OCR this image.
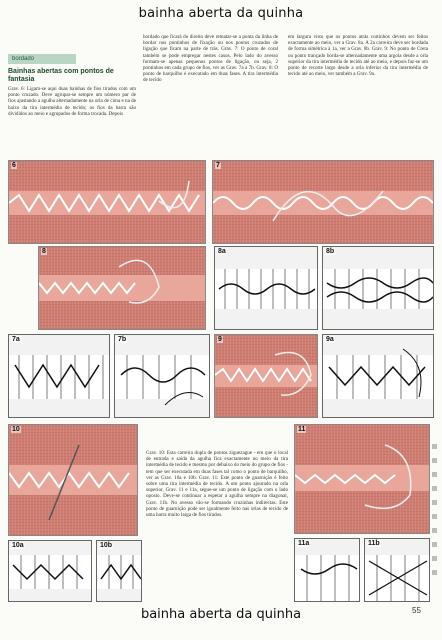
bainha aberta da quinha
bordado
Bainhas abertas com pontos de fantasia
Grav. 6: Ligam-se aqui duas bainhas de fios tirados com um ponto cruzado. Deve agrupar-se sempre um número par de fios ajustando a agulha alternadamente na orla de cima e na de baixo da tira intermédia de tecido; os fios da barra são divididos ao meio e agrupados de forma trocada. Depois
bordado que ficará do direito deve rematar-se a ponta da linha de bordar nos pontinhos de fixação ou nos pontos cruzados de ligação que ficam na parte de trás. Grav. 7: O ponto de coral também se pode empregar nestes casos. Pelo lado do avesso formam-se apenas pequenos pontos de ligação, ou seja, 2 pontinhos em cada grupo de fios, ver as Grav. 7a a 7b. Grav. 8: O ponto de barquilho é executado em duas fases. A tira intermédia de tecido
em largura visto que os pontos atrás curtinhos devem ser feitos exactamente ao meio, ver a Grav. 8a. A 2a carreira deve ser bordada de forma simétrica à 1a, ver a Grav. 8b. Grav. 9: No ponto de Creta ou ponto trançado borda-se alternadamente uma argola desde a orla superior da tira intermédia de tecido até ao meio, e depois faz-se um ponto de recorte largo desde a orla inferior da tira intermédia de tecido até ao meio, ver também a Grav. 9a.
6	7
8	8a	8b
7a	7b	9	9a
10
Grav. 10: Esta carreira dupla de pontos ziguezague - em que o local de entrada e saída da agulha fica exactamente no meio da tira intermédia de tecido e mesmo por debaixo do meio do grupo de fios - tem que ser executada em duas fases tal como o ponto de barquilho, ver as Grav. 10a e 10b. Grav. 11: Este ponto de guarnição é feito sobre uma tira intermédia de tecido. A um ponto ajourado na orla superior, Grav. 11 e 11a, segue-se um ponto de ligação com o lado oposto. Deve-se continuar a espetar a agulha sempre na diagonal, Grav. 11b. No avesso vão-se formando cruzinhas indirectas. Este ponto de guarnição pode ser igualmente feito nas orlas de tecido de uma barra muito larga de fios tirados.
11
10a	10b	11a	11b
bainha aberta da quinha	55
